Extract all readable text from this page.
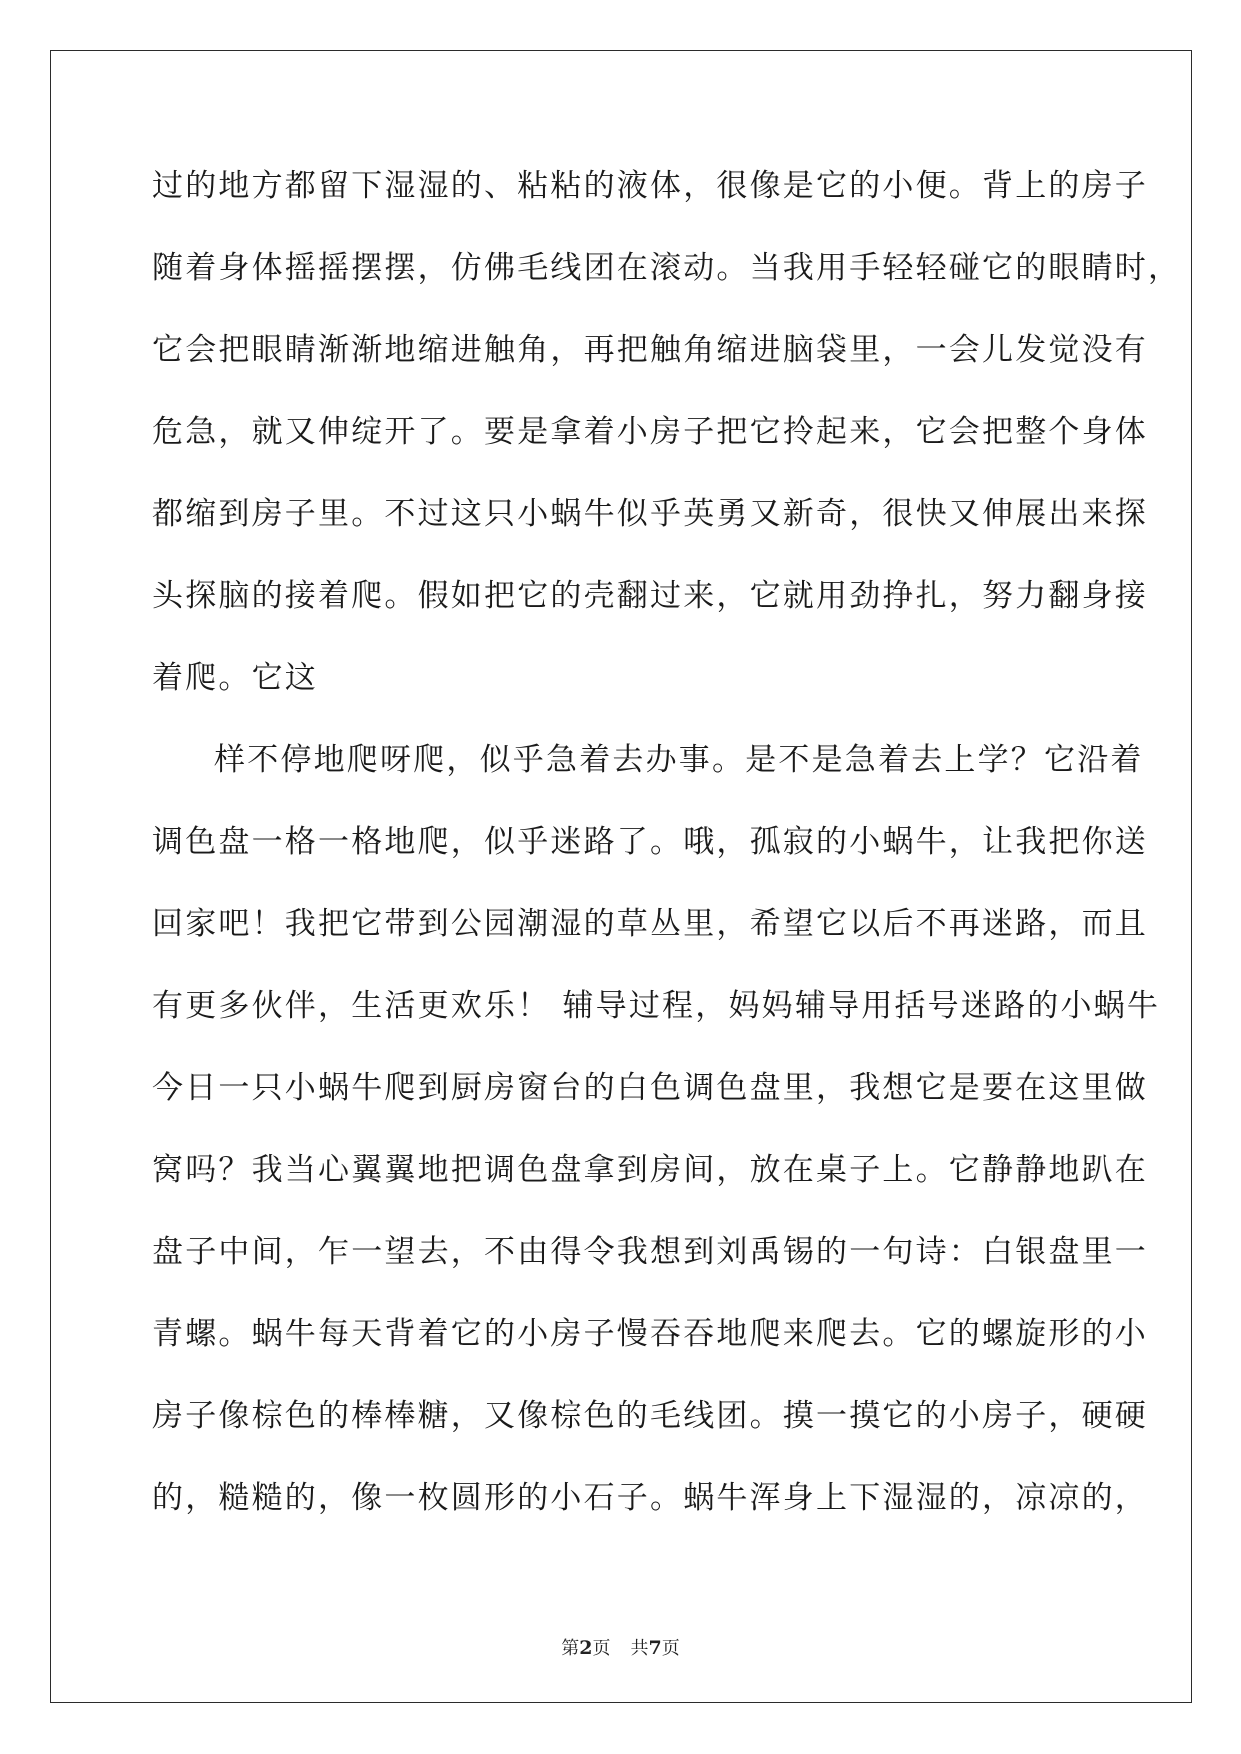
过的地方都留下湿湿的、粘粘的液体，很像是它的小便。背上的房子
随着身体摇摇摆摆，仿佛毛线团在滚动。当我用手轻轻碰它的眼睛时，
它会把眼睛渐渐地缩进触角，再把触角缩进脑袋里，一会儿发觉没有
危急，就又伸绽开了。要是拿着小房子把它拎起来，它会把整个身体
都缩到房子里。不过这只小蜗牛似乎英勇又新奇，很快又伸展出来探
头探脑的接着爬。假如把它的壳翻过来，它就用劲挣扎，努力翻身接
着爬。它这
样不停地爬呀爬，似乎急着去办事。是不是急着去上学？它沿着
调色盘一格一格地爬，似乎迷路了。哦，孤寂的小蜗牛，让我把你送
回家吧！我把它带到公园潮湿的草丛里，希望它以后不再迷路，而且
有更多伙伴，生活更欢乐！ 辅导过程，妈妈辅导用括号迷路的小蜗牛
今日一只小蜗牛爬到厨房窗台的白色调色盘里，我想它是要在这里做
窝吗？我当心翼翼地把调色盘拿到房间，放在桌子上。它静静地趴在
盘子中间，乍一望去，不由得令我想到刘禹锡的一句诗：白银盘里一
青螺。蜗牛每天背着它的小房子慢吞吞地爬来爬去。它的螺旋形的小
房子像棕色的棒棒糖，又像棕色的毛线团。摸一摸它的小房子，硬硬
的，糙糙的，像一枚圆形的小石子。蜗牛浑身上下湿湿的，凉凉的，
第2页 共7页
